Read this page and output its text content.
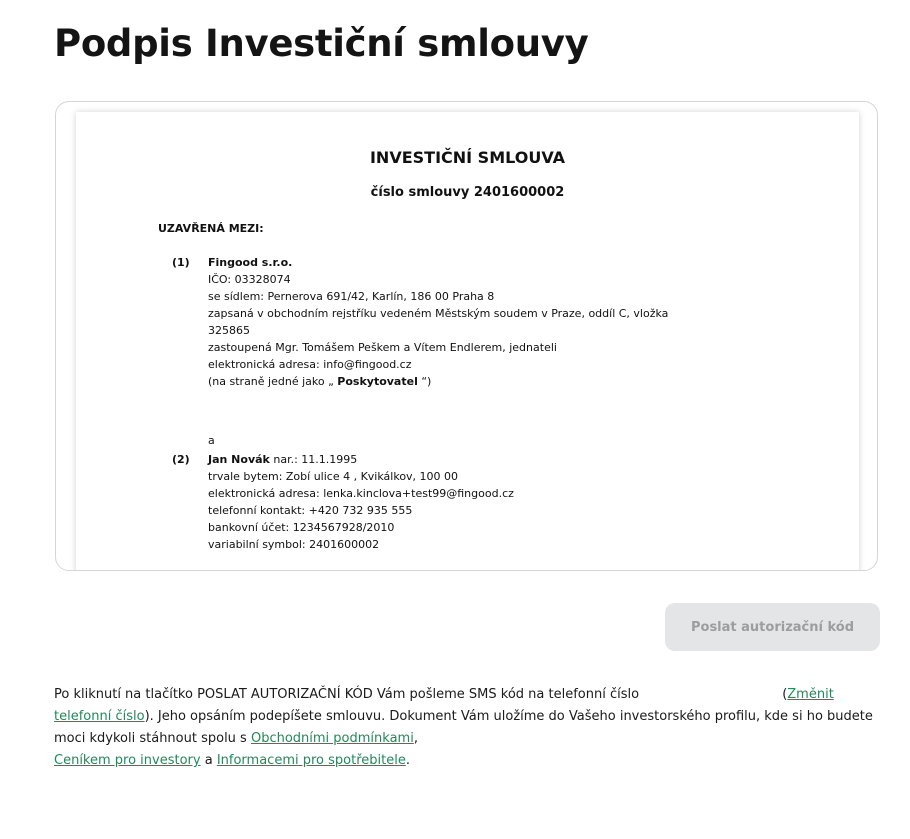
Podpis Investiční smlouvy
INVESTIČNÍ SMLOUVA
číslo smlouvy 2401600002
UZAVŘENÁ MEZI:
(1) Fingood s.r.o.
IČO: 03328074
se sídlem: Pernerova 691/42, Karlín, 186 00 Praha 8
zapsaná v obchodním rejstříku vedeném Městským soudem v Praze, oddíl C, vložka
325865
zastoupená Mgr. Tomášem Peškem a Vítem Endlerem, jednateli
elektronická adresa: info@fingood.cz
(na straně jedné jako „ Poskytovatel “)
a
(2) Jan Novák nar.: 11.1.1995
trvale bytem: Zobí ulice 4 , Kvikálkov, 100 00
elektronická adresa: lenka.kinclova+test99@fingood.cz
telefonní kontakt: +420 732 935 555
bankovní účet: 1234567928/2010
variabilní symbol: 2401600002
Poslat autorizační kód

Po kliknutí na tlačítko POSLAT AUTORIZAČNÍ KÓD Vám pošleme SMS kód na telefonní číslo	(Změnit telefonní číslo). Jeho opsáním podepíšete smlouvu. Dokument Vám uložíme do Vašeho investorského profilu, kde si ho budete moci kdykoli stáhnout spolu s Obchodními podmínkami,
Ceníkem pro investory a Informacemi pro spotřebitele.
